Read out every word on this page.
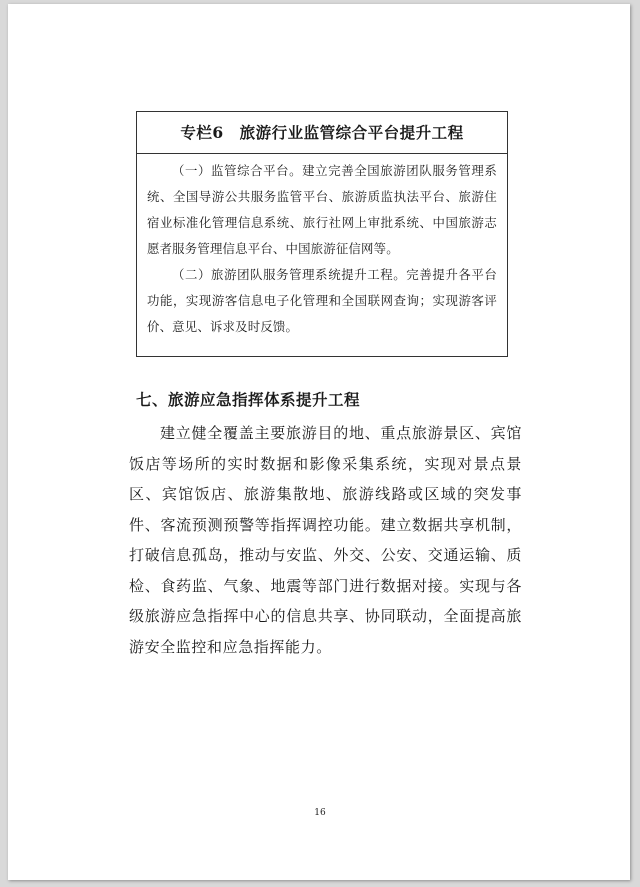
专栏6　旅游行业监管综合平台提升工程

（一）监管综合平台。建立完善全国旅游团队服务管理系统、全国导游公共服务监管平台、旅游质监执法平台、旅游住宿业标准化管理信息系统、旅行社网上审批系统、中国旅游志愿者服务管理信息平台、中国旅游征信网等。

（二）旅游团队服务管理系统提升工程。完善提升各平台功能，实现游客信息电子化管理和全国联网查询；实现游客评价、意见、诉求及时反馈。

七、旅游应急指挥体系提升工程

建立健全覆盖主要旅游目的地、重点旅游景区、宾馆饭店等场所的实时数据和影像采集系统，实现对景点景区、宾馆饭店、旅游集散地、旅游线路或区域的突发事件、客流预测预警等指挥调控功能。建立数据共享机制，打破信息孤岛，推动与安监、外交、公安、交通运输、质检、食药监、气象、地震等部门进行数据对接。实现与各级旅游应急指挥中心的信息共享、协同联动，全面提高旅游安全监控和应急指挥能力。

16
